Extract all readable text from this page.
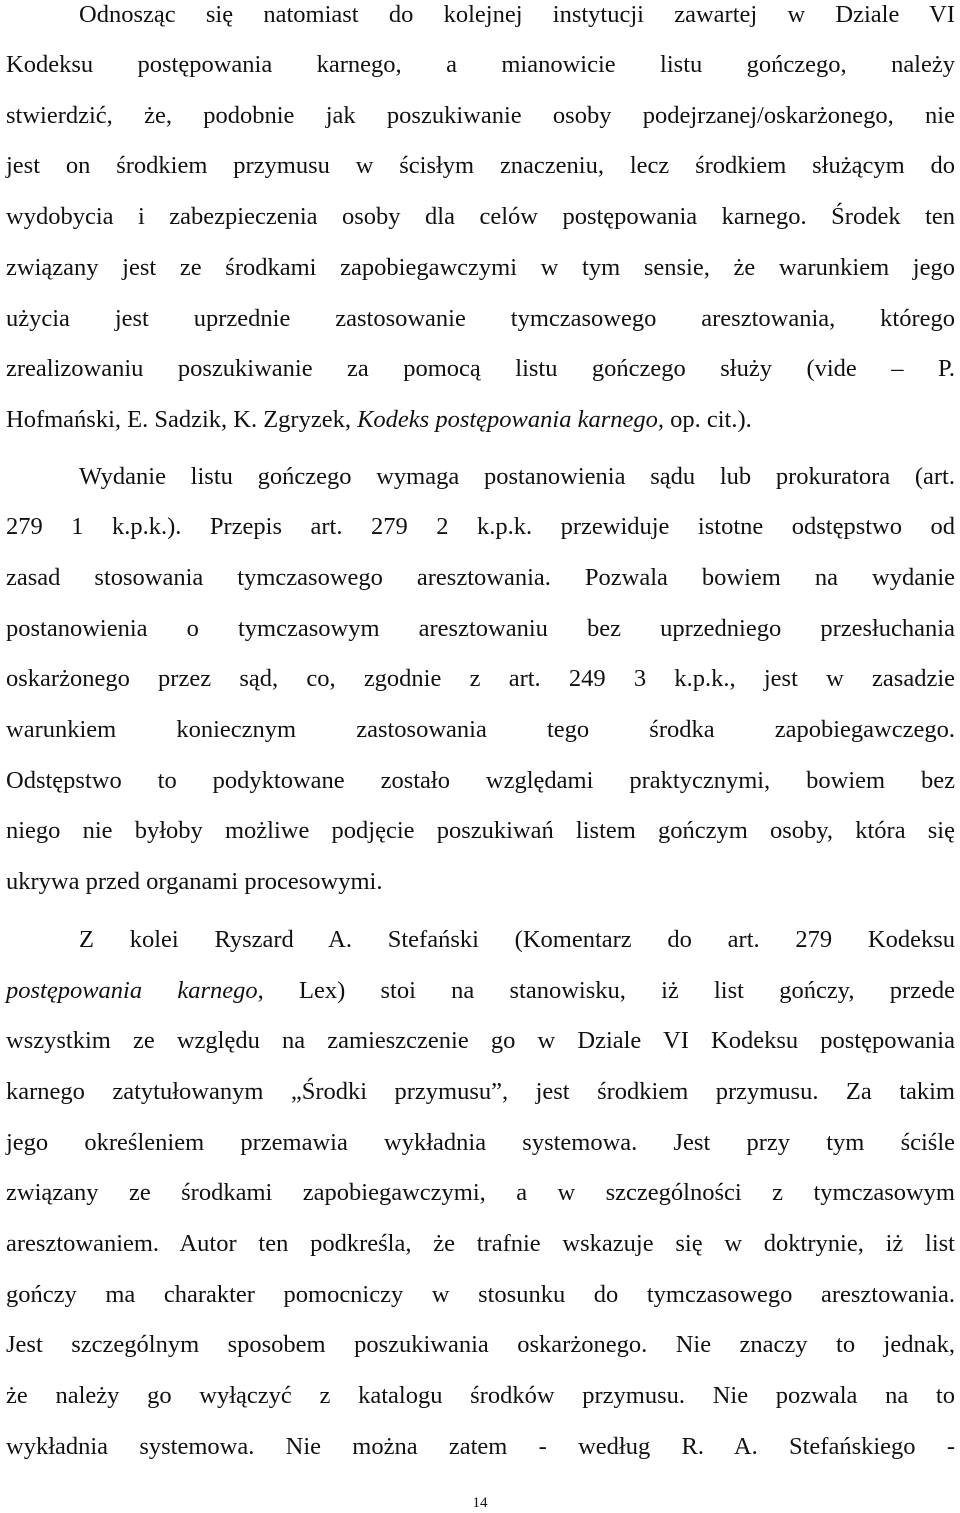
Odnosząc się natomiast do kolejnej instytucji zawartej w Dziale VI
Kodeksu postępowania karnego, a mianowicie listu gończego, należy
stwierdzić, że, podobnie jak poszukiwanie osoby podejrzanej/oskarżonego, nie
jest on środkiem przymusu w ścisłym znaczeniu, lecz środkiem służącym do
wydobycia i zabezpieczenia osoby dla celów postępowania karnego. Środek ten
związany jest ze środkami zapobiegawczymi w tym sensie, że warunkiem jego
użycia jest uprzednie zastosowanie tymczasowego aresztowania, którego
zrealizowaniu poszukiwanie za pomocą listu gończego służy (vide – P.
Hofmański, E. Sadzik, K. Zgryzek, Kodeks postępowania karnego, op. cit.).
Wydanie listu gończego wymaga postanowienia sądu lub prokuratora (art.
279 1 k.p.k.). Przepis art. 279 2 k.p.k. przewiduje istotne odstępstwo od
zasad stosowania tymczasowego aresztowania. Pozwala bowiem na wydanie
postanowienia o tymczasowym aresztowaniu bez uprzedniego przesłuchania
oskarżonego przez sąd, co, zgodnie z art. 249 3 k.p.k., jest w zasadzie
warunkiem koniecznym zastosowania tego środka zapobiegawczego.
Odstępstwo to podyktowane zostało względami praktycznymi, bowiem bez
niego nie byłoby możliwe podjęcie poszukiwań listem gończym osoby, która się
ukrywa przed organami procesowymi.
Z kolei Ryszard A. Stefański (Komentarz do art. 279 Kodeksu
postępowania karnego, Lex) stoi na stanowisku, iż list gończy, przede
wszystkim ze względu na zamieszczenie go w Dziale VI Kodeksu postępowania
karnego zatytułowanym „Środki przymusu”, jest środkiem przymusu. Za takim
jego określeniem przemawia wykładnia systemowa. Jest przy tym ściśle
związany ze środkami zapobiegawczymi, a w szczególności z tymczasowym
aresztowaniem. Autor ten podkreśla, że trafnie wskazuje się w doktrynie, iż list
gończy ma charakter pomocniczy w stosunku do tymczasowego aresztowania.
Jest szczególnym sposobem poszukiwania oskarżonego. Nie znaczy to jednak,
że należy go wyłączyć z katalogu środków przymusu. Nie pozwala na to
wykładnia systemowa. Nie można zatem - według R. A. Stefańskiego -
14
